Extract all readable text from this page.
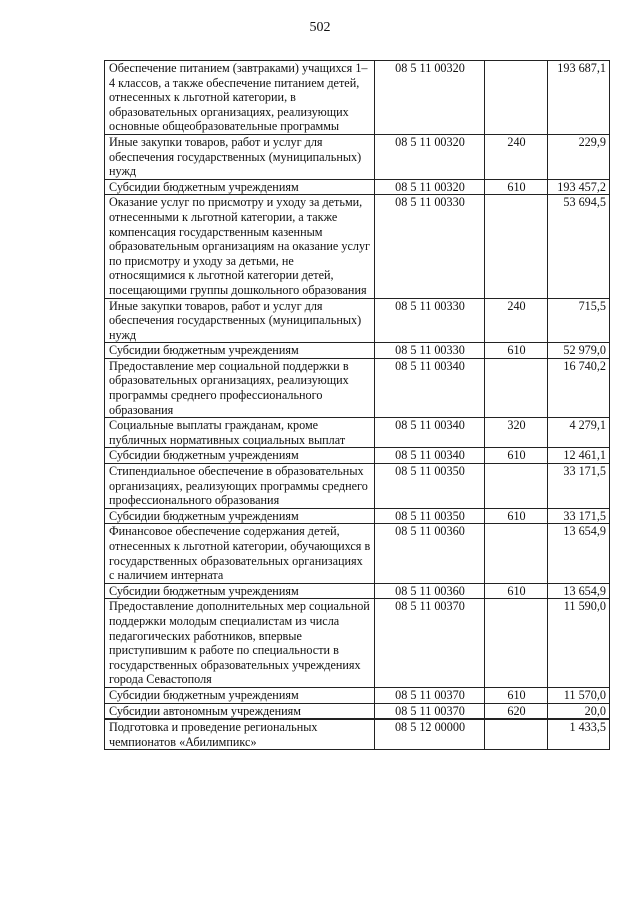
502
Обеспечение питанием (завтраками) учащихся 1–4 классов, а также обеспечение питанием детей, отнесенных к льготной категории, в образовательных организациях, реализующих основные общеобразовательные программы	08 5 11 00320		193 687,1
Иные закупки товаров, работ и услуг для обеспечения государственных (муниципальных) нужд	08 5 11 00320	240	229,9
Субсидии бюджетным учреждениям	08 5 11 00320	610	193 457,2
Оказание услуг по присмотру и уходу за детьми, отнесенными к льготной категории, а также компенсация государственным казенным образовательным организациям на оказание услуг по присмотру и уходу за детьми, не относящимися к льготной категории детей, посещающими группы дошкольного образования	08 5 11 00330		53 694,5
Иные закупки товаров, работ и услуг для обеспечения государственных (муниципальных) нужд	08 5 11 00330	240	715,5
Субсидии бюджетным учреждениям	08 5 11 00330	610	52 979,0
Предоставление мер социальной поддержки в образовательных организациях, реализующих программы среднего профессионального образования	08 5 11 00340		16 740,2
Социальные выплаты гражданам, кроме публичных нормативных социальных выплат	08 5 11 00340	320	4 279,1
Субсидии бюджетным учреждениям	08 5 11 00340	610	12 461,1
Стипендиальное обеспечение в образовательных организациях, реализующих программы среднего профессионального образования	08 5 11 00350		33 171,5
Субсидии бюджетным учреждениям	08 5 11 00350	610	33 171,5
Финансовое обеспечение содержания детей, отнесенных к льготной категории, обучающихся в государственных образовательных организациях с наличием интерната	08 5 11 00360		13 654,9
Субсидии бюджетным учреждениям	08 5 11 00360	610	13 654,9
Предоставление дополнительных мер социальной поддержки молодым специалистам из числа педагогических работников, впервые приступившим к работе по специальности в государственных образовательных учреждениях города Севастополя	08 5 11 00370		11 590,0
Субсидии бюджетным учреждениям	08 5 11 00370	610	11 570,0
Субсидии автономным учреждениям	08 5 11 00370	620	20,0
Подготовка и проведение региональных чемпионатов «Абилимпикс»	08 5 12 00000		1 433,5
